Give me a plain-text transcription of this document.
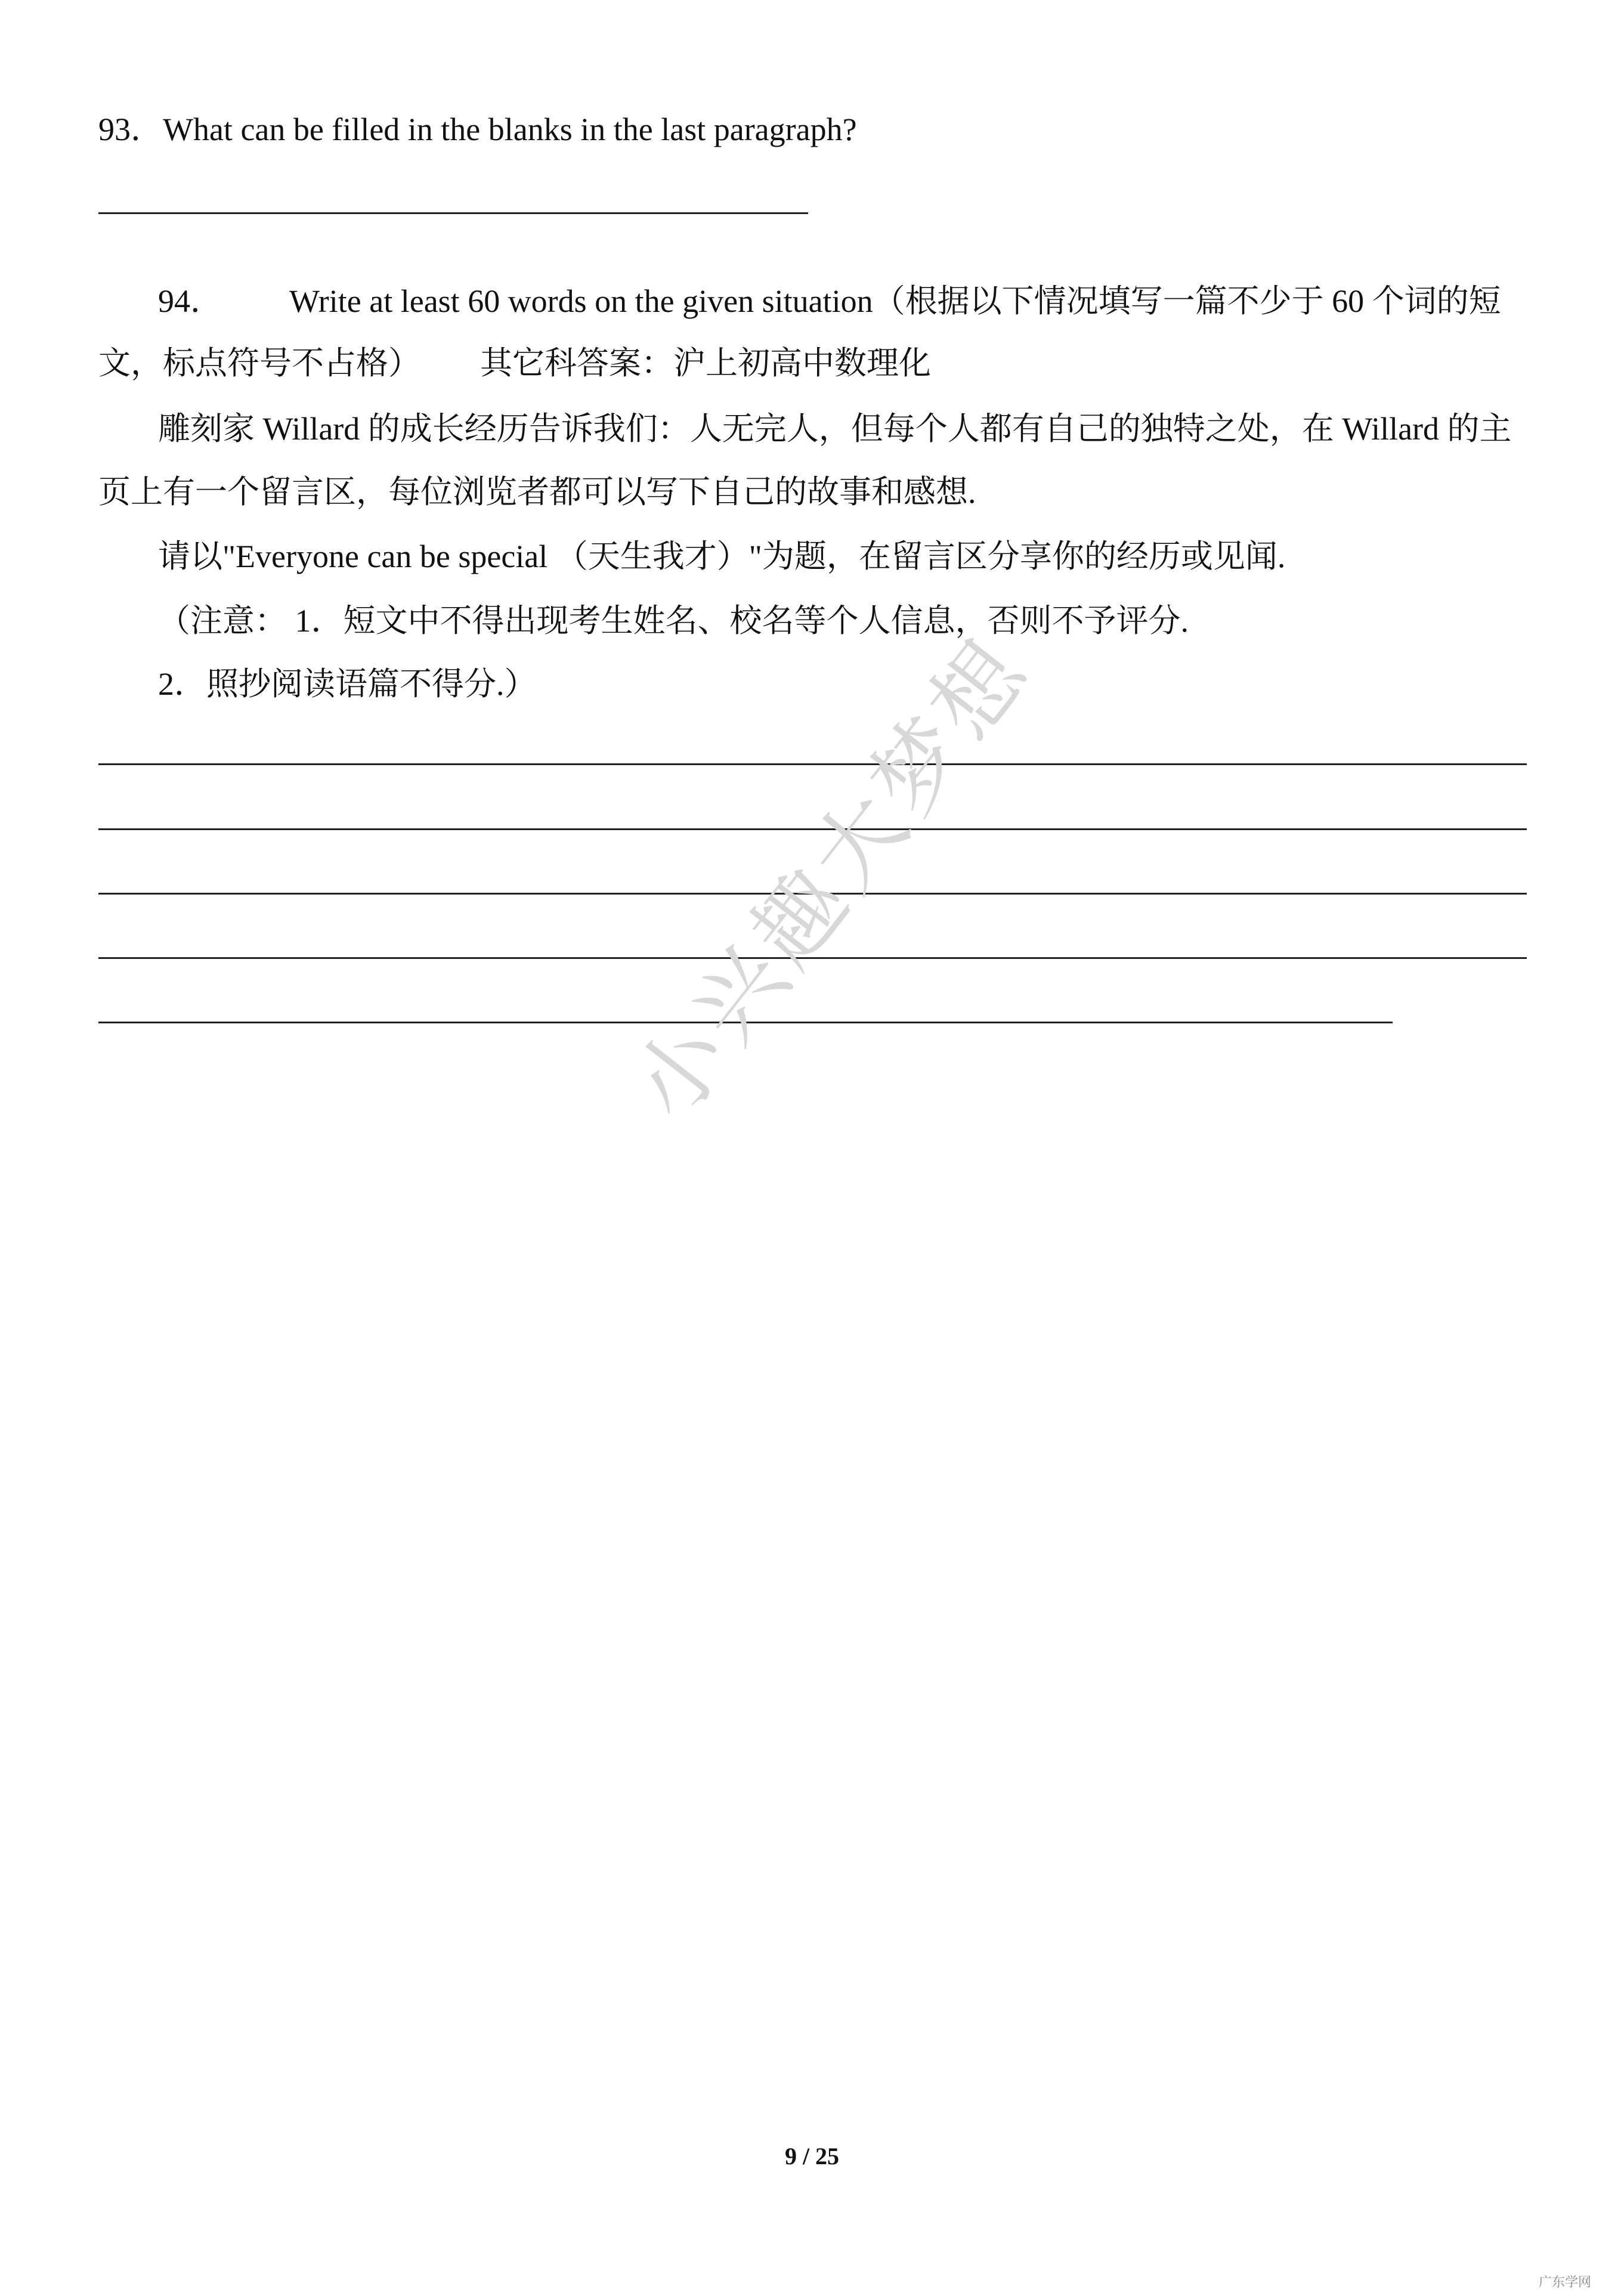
93．What can be filled in the blanks in the last paragraph?
94． Write at least 60 words on the given situation（根据以下情况填写一篇不少于 60 个词的短
文，标点符号不占格） 其它科答案：沪上初高中数理化
雕刻家 Willard 的成长经历告诉我们：人无完人，但每个人都有自己的独特之处，在 Willard 的主
页上有一个留言区，每位浏览者都可以写下自己的故事和感想.
请以"Everyone can be special （天生我才）"为题，在留言区分享你的经历或见闻.
（注意： 1．短文中不得出现考生姓名、校名等个人信息，否则不予评分.
2．照抄阅读语篇不得分.） 小兴趣大梦想
9 / 25
广东学网
